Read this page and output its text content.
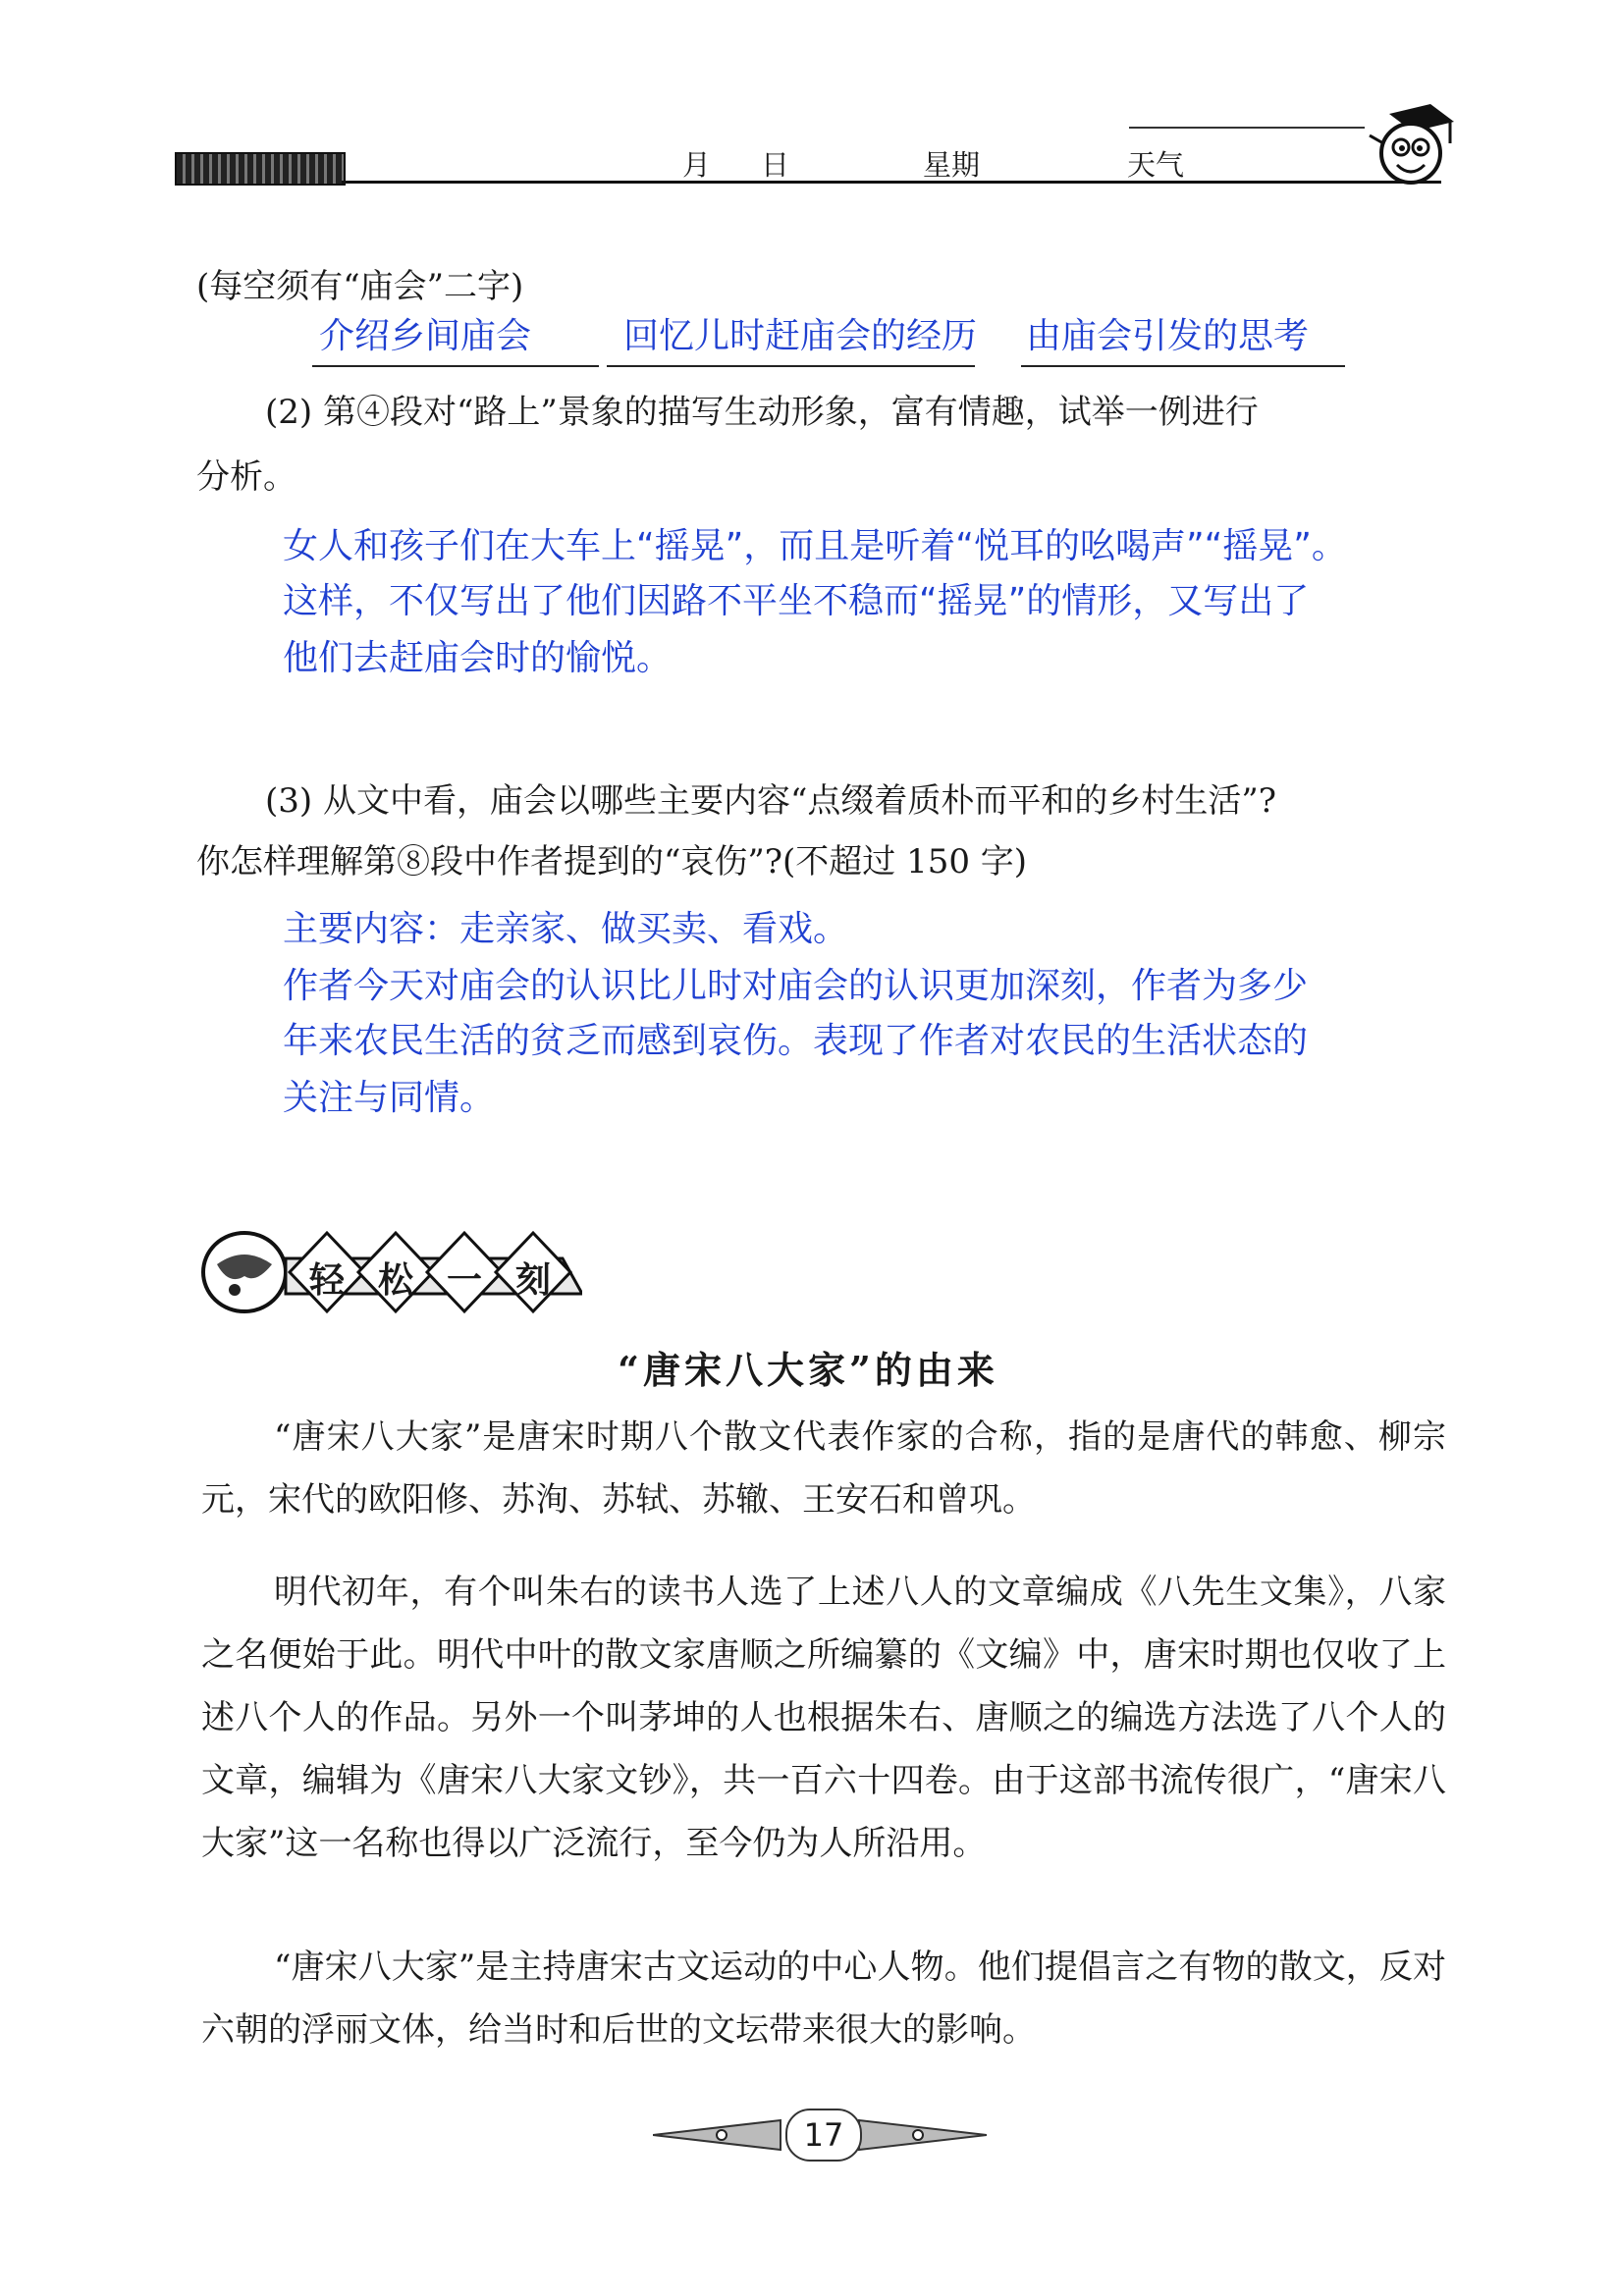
月 日	星期	天气
(每空须有“庙会”二字)
介绍乡间庙会	回忆儿时赶庙会的经历 由庙会引发的思考
(2) 第④段对“路上”景象的描写生动形象，富有情趣，试举一例进行
分析。
女人和孩子们在大车上“摇晃”，而且是听着“悦耳的吆喝声”“摇晃”。
这样，不仅写出了他们因路不平坐不稳而“摇晃”的情形，又写出了
他们去赶庙会时的愉悦。
(3) 从文中看，庙会以哪些主要内容“点缀着质朴而平和的乡村生活”?
你怎样理解第⑧段中作者提到的“哀伤”?(不超过 150 字)
主要内容：走亲家、做买卖、看戏。
作者今天对庙会的认识比儿时对庙会的认识更加深刻，作者为多少
年来农民生活的贫乏而感到哀伤。表现了作者对农民的生活状态的
关注与同情。
轻 松 一 刻
“唐宋八大家”的由来
“唐宋八大家”是唐宋时期八个散文代表作家的合称，指的是唐代的韩愈、柳宗元，宋代的欧阳修、苏洵、苏轼、苏辙、王安石和曾巩。
明代初年，有个叫朱右的读书人选了上述八人的文章编成《八先生文集》，八家之名便始于此。明代中叶的散文家唐顺之所编纂的《文编》中，唐宋时期也仅收了上述八个人的作品。另外一个叫茅坤的人也根据朱右、唐顺之的编选方法选了八个人的文章，编辑为《唐宋八大家文钞》，共一百六十四卷。由于这部书流传很广，“唐宋八大家”这一名称也得以广泛流行，至今仍为人所沿用。
“唐宋八大家”是主持唐宋古文运动的中心人物。他们提倡言之有物的散文，反对六朝的浮丽文体，给当时和后世的文坛带来很大的影响。
17
